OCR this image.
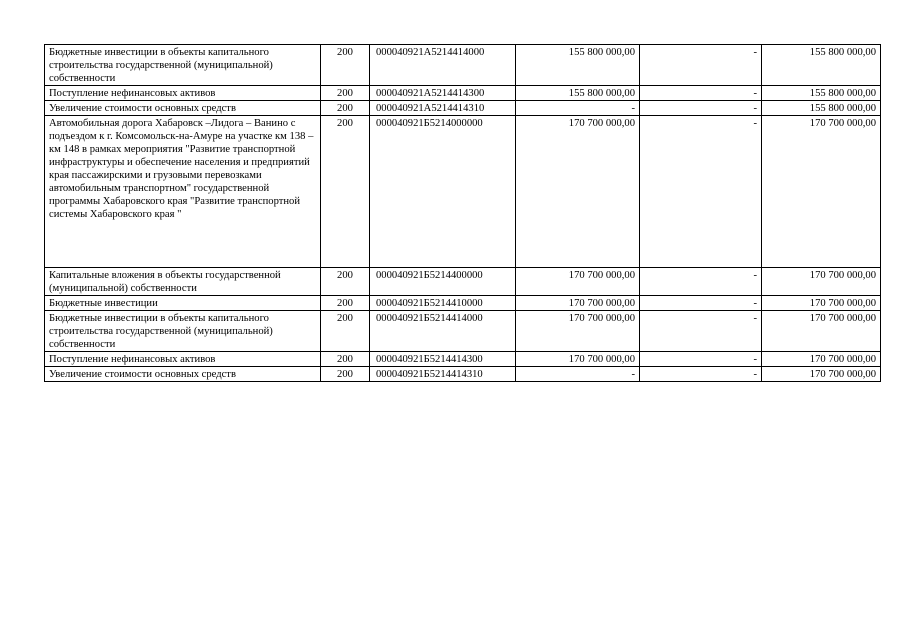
Бюджетные инвестиции в объекты капитального строительства государственной (муниципальной) собственности	200	000040921А5214414000	155 800 000,00	-	155 800 000,00
Поступление нефинансовых активов	200	000040921А5214414300	155 800 000,00	-	155 800 000,00
Увеличение стоимости основных средств	200	000040921А5214414310	-	-	155 800 000,00
Автомобильная дорога Хабаровск –Лидога – Ванино с подъездом к г. Комсомольск-на-Амуре на участке км 138 – км 148 в рамках мероприятия "Развитие транспортной инфраструктуры и обеспечение населения и предприятий края пассажирскими и грузовыми перевозками автомобильным транспортном" государственной программы Хабаровского края "Развитие транспортной системы Хабаровского края "	200	000040921Б5214000000	170 700 000,00	-	170 700 000,00
Капитальные вложения в объекты государственной (муниципальной) собственности	200	000040921Б5214400000	170 700 000,00	-	170 700 000,00
Бюджетные инвестиции	200	000040921Б5214410000	170 700 000,00	-	170 700 000,00
Бюджетные инвестиции в объекты капитального строительства государственной (муниципальной) собственности	200	000040921Б5214414000	170 700 000,00	-	170 700 000,00
Поступление нефинансовых активов	200	000040921Б5214414300	170 700 000,00	-	170 700 000,00
Увеличение стоимости основных средств	200	000040921Б5214414310	-	-	170 700 000,00
